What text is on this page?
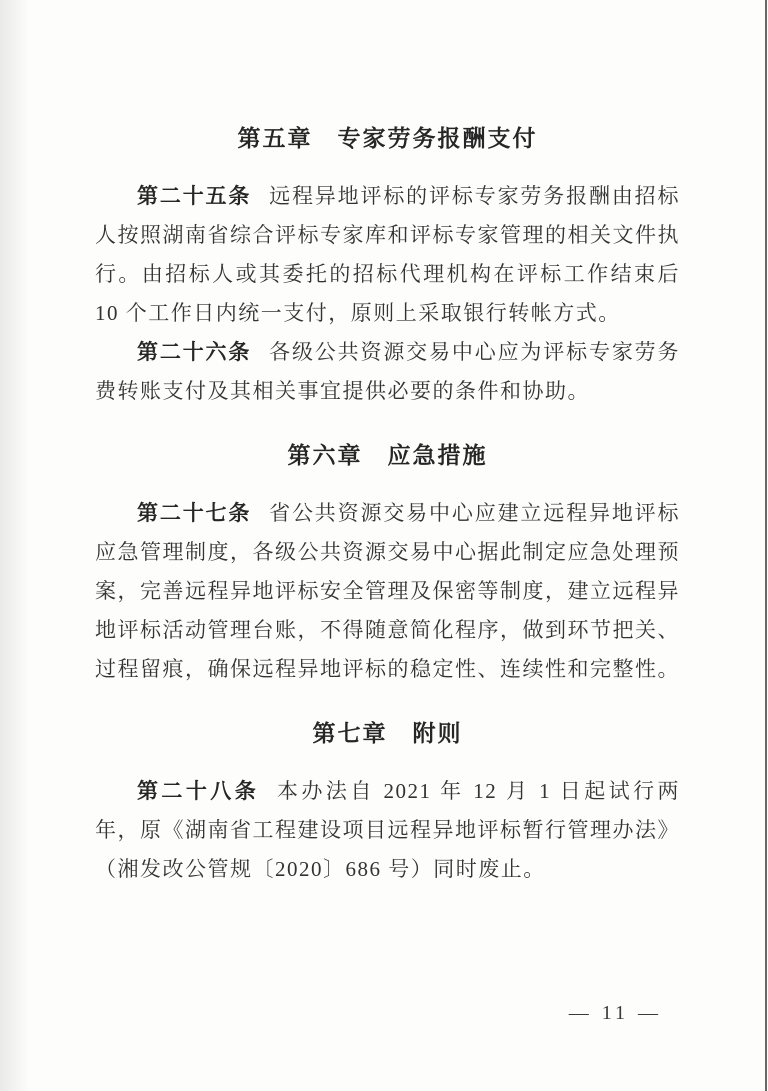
第五章　专家劳务报酬支付

第二十五条 远程异地评标的评标专家劳务报酬由招标人按照湖南省综合评标专家库和评标专家管理的相关文件执行。由招标人或其委托的招标代理机构在评标工作结束后 10 个工作日内统一支付，原则上采取银行转帐方式。

第二十六条 各级公共资源交易中心应为评标专家劳务费转账支付及其相关事宜提供必要的条件和协助。

第六章　应急措施

第二十七条 省公共资源交易中心应建立远程异地评标应急管理制度，各级公共资源交易中心据此制定应急处理预案，完善远程异地评标安全管理及保密等制度，建立远程异地评标活动管理台账，不得随意简化程序，做到环节把关、过程留痕，确保远程异地评标的稳定性、连续性和完整性。

第七章　附则

第二十八条 本办法自 2021 年 12 月 1 日起试行两年，原《湖南省工程建设项目远程异地评标暂行管理办法》（湘发改公管规〔2020〕686 号）同时废止。

— 11 —
